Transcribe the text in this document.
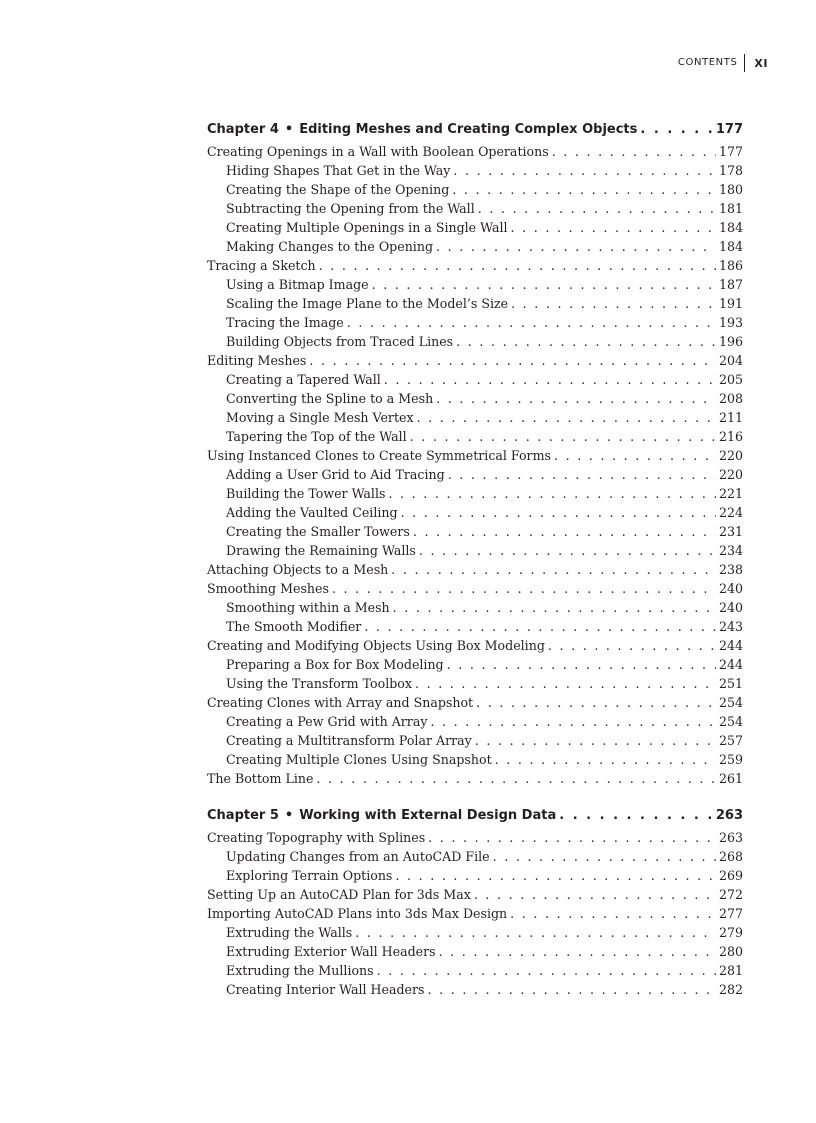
CONTENTS	XI
Chapter 4 • Editing Meshes and Creating Complex Objects . . .	177
Creating Openings in a Wall with Boolean Operations . . .	177
Hiding Shapes That Get in the Way . . .	178
Creating the Shape of the Opening . . .	180
Subtracting the Opening from the Wall . . .	181
Creating Multiple Openings in a Single Wall . . .	184
Making Changes to the Opening . . .	184
Tracing a Sketch . . .	186
Using a Bitmap Image . . .	187
Scaling the Image Plane to the Model’s Size . . .	191
Tracing the Image . . .	193
Building Objects from Traced Lines . . .	196
Editing Meshes . . .	204
Creating a Tapered Wall . . .	205
Converting the Spline to a Mesh . . .	208
Moving a Single Mesh Vertex . . .	211
Tapering the Top of the Wall . . .	216
Using Instanced Clones to Create Symmetrical Forms . . .	220
Adding a User Grid to Aid Tracing . . .	220
Building the Tower Walls . . .	221
Adding the Vaulted Ceiling . . .	224
Creating the Smaller Towers . . .	231
Drawing the Remaining Walls . . .	234
Attaching Objects to a Mesh . . .	238
Smoothing Meshes . . .	240
Smoothing within a Mesh . . .	240
The Smooth Modifier . . .	243
Creating and Modifying Objects Using Box Modeling . . .	244
Preparing a Box for Box Modeling . . .	244
Using the Transform Toolbox . . .	251
Creating Clones with Array and Snapshot . . .	254
Creating a Pew Grid with Array . . .	254
Creating a Multitransform Polar Array . . .	257
Creating Multiple Clones Using Snapshot . . .	259
The Bottom Line . . .	261
Chapter 5 • Working with External Design Data . . .	263
Creating Topography with Splines . . .	263
Updating Changes from an AutoCAD File . . .	268
Exploring Terrain Options . . .	269
Setting Up an AutoCAD Plan for 3ds Max . . .	272
Importing AutoCAD Plans into 3ds Max Design . . .	277
Extruding the Walls . . .	279
Extruding Exterior Wall Headers . . .	280
Extruding the Mullions . . .	281
Creating Interior Wall Headers . . .	282
